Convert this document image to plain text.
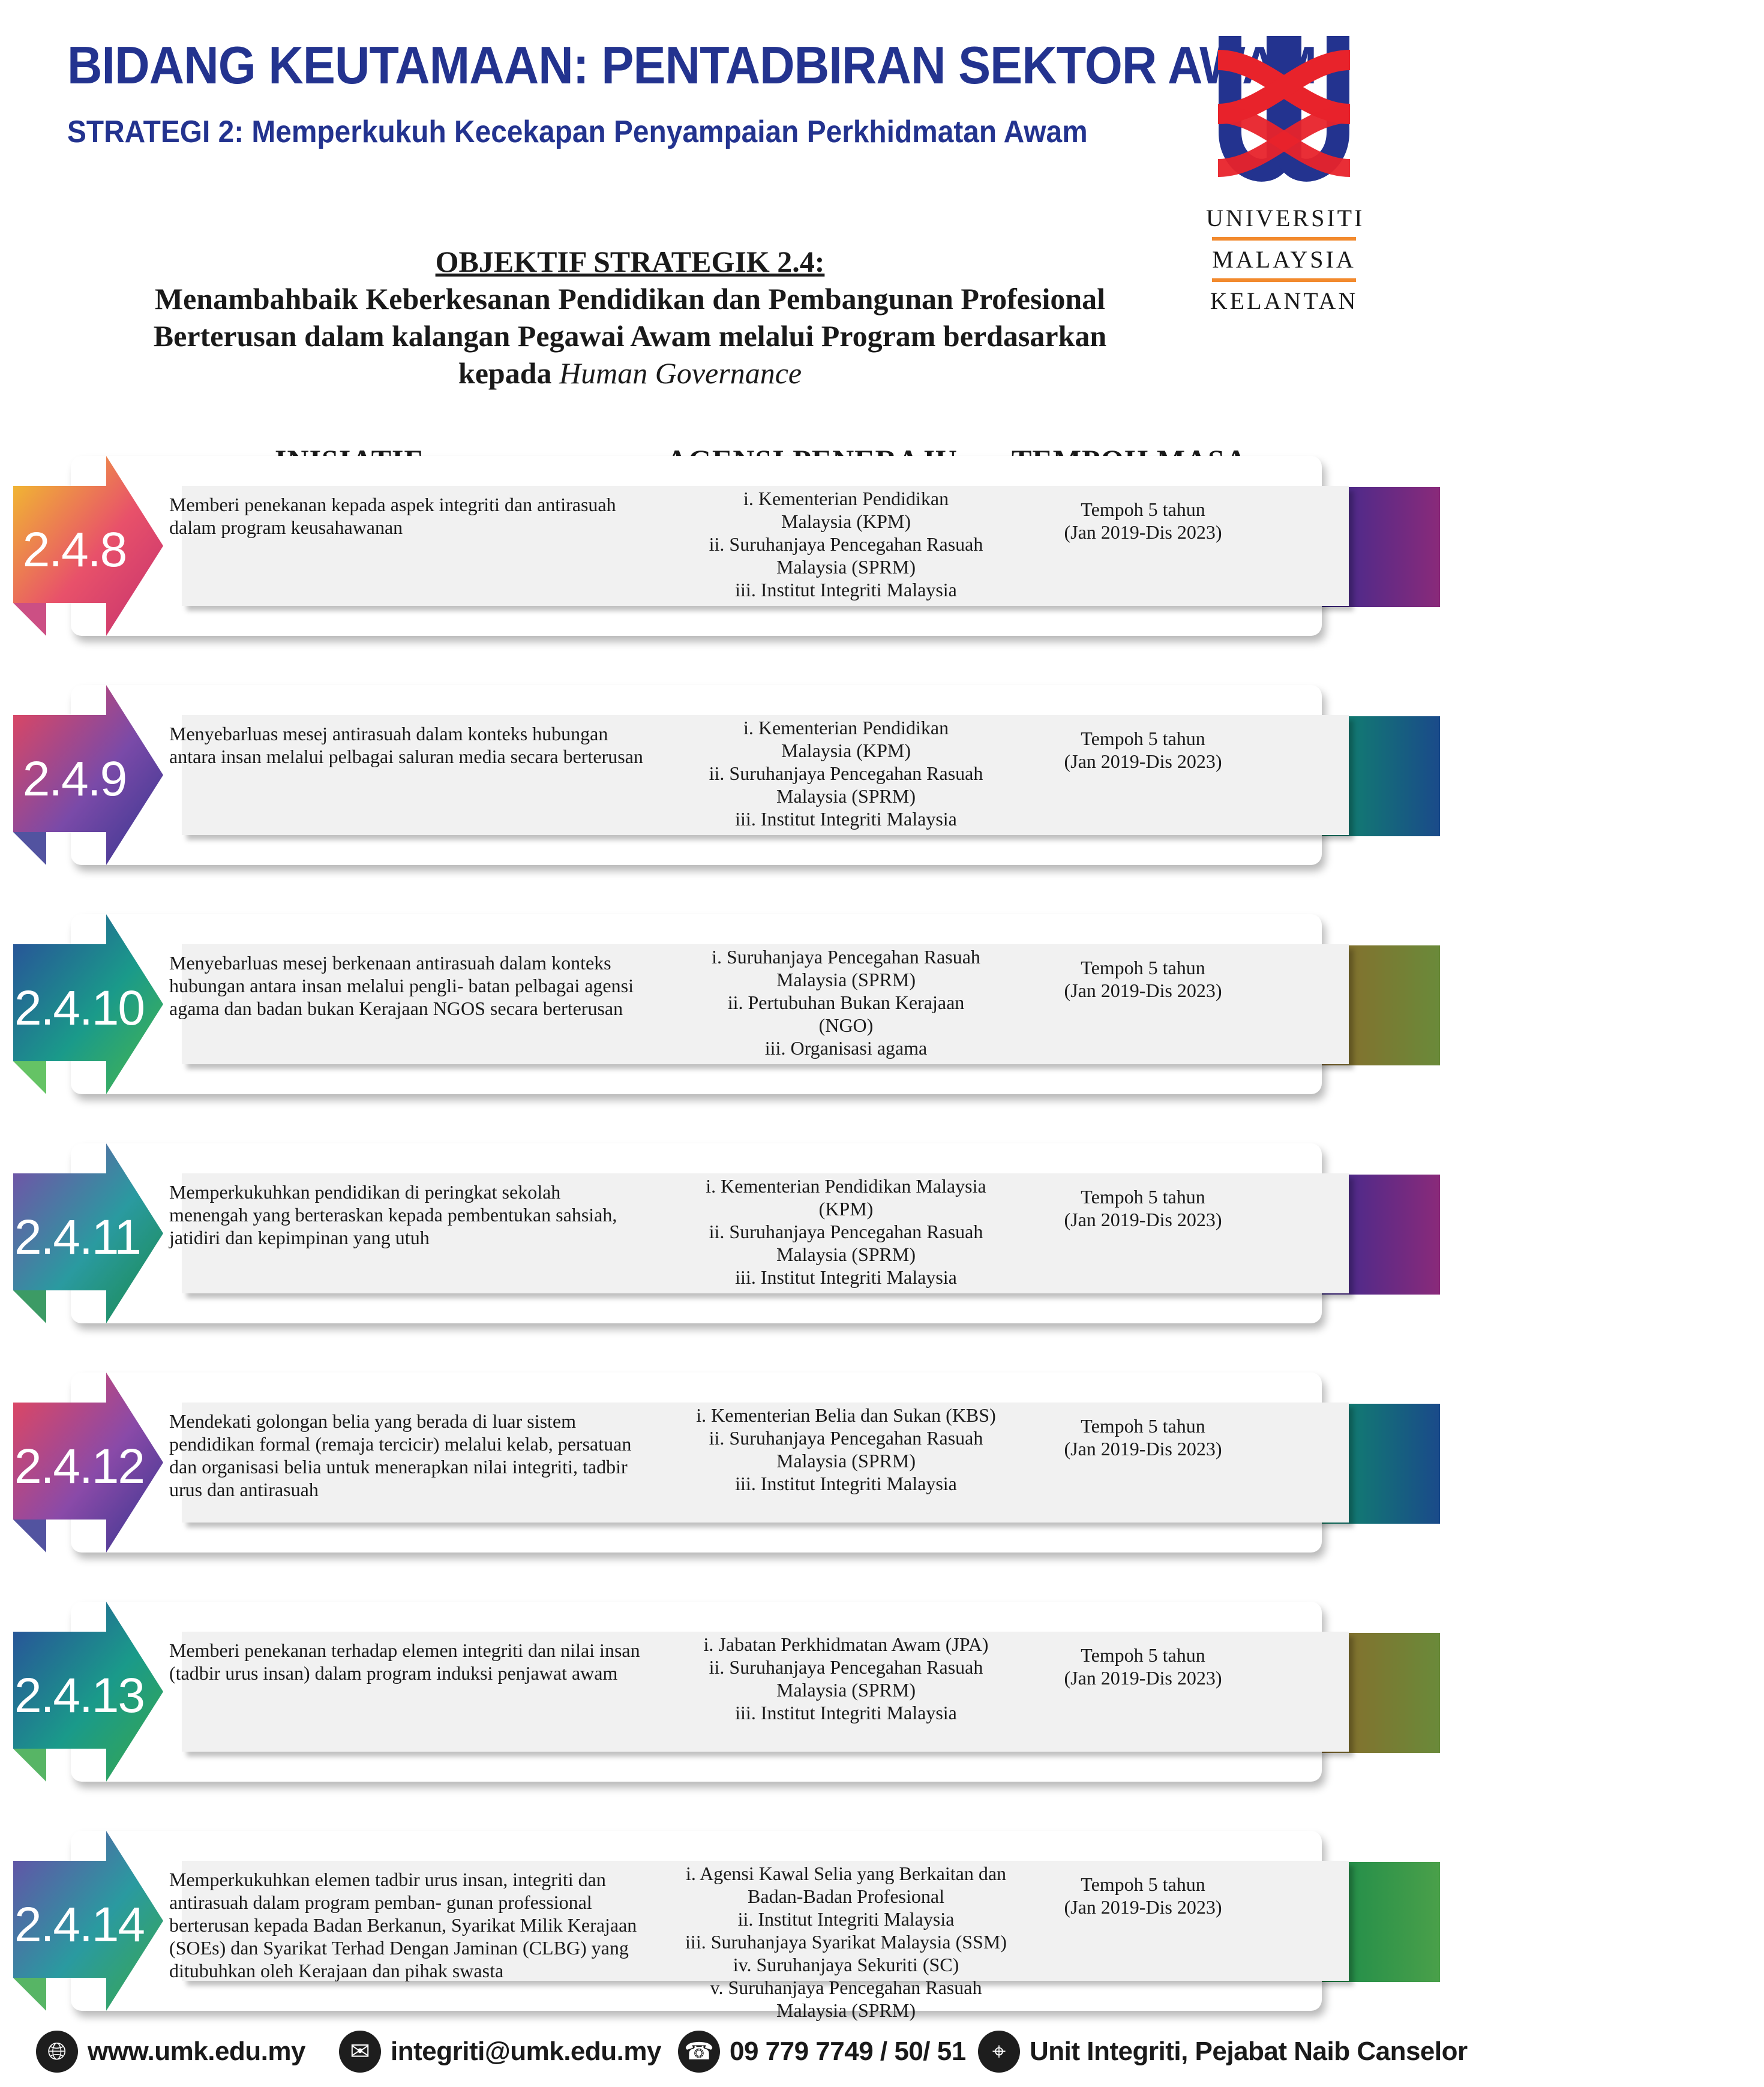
BIDANG KEUTAMAAN: PENTADBIRAN SEKTOR AWAM
STRATEGI 2: Memperkukuh Kecekapan Penyampaian Perkhidmatan Awam
UNIVERSITI
MALAYSIA
KELANTAN
OBJEKTIF STRATEGIK 2.4:
Menambahbaik Keberkesanan Pendidikan dan Pembangunan Profesional
Berterusan dalam kalangan Pegawai Awam melalui Program berdasarkan
kepada Human Governance
2.4.8
Memberi penekanan kepada aspek integriti dan antirasuah dalam program keusahawanan
i. Kementerian Pendidikan
Malaysia (KPM)
ii. Suruhanjaya Pencegahan Rasuah
Malaysia (SPRM)
iii. Institut Integriti Malaysia
Tempoh 5 tahun
(Jan 2019-Dis 2023)
2.4.9
Menyebarluas mesej antirasuah dalam konteks hubungan antara insan melalui pelbagai saluran media secara berterusan
i. Kementerian Pendidikan
Malaysia (KPM)
ii. Suruhanjaya Pencegahan Rasuah
Malaysia (SPRM)
iii. Institut Integriti Malaysia
Tempoh 5 tahun
(Jan 2019-Dis 2023)
2.4.10
Menyebarluas mesej berkenaan antirasuah dalam konteks hubungan antara insan melalui pengli- batan pelbagai agensi agama dan badan bukan Kerajaan NGOS secara berterusan
i. Suruhanjaya Pencegahan Rasuah
Malaysia (SPRM)
ii. Pertubuhan Bukan Kerajaan
(NGO)
iii. Organisasi agama
Tempoh 5 tahun
(Jan 2019-Dis 2023)
2.4.11
Memperkukuhkan pendidikan di peringkat sekolah menengah yang berteraskan kepada pembentukan sahsiah, jatidiri dan kepimpinan yang utuh
i. Kementerian Pendidikan Malaysia
(KPM)
ii. Suruhanjaya Pencegahan Rasuah
Malaysia (SPRM)
iii. Institut Integriti Malaysia
Tempoh 5 tahun
(Jan 2019-Dis 2023)
2.4.12
Mendekati golongan belia yang berada di luar sistem pendidikan formal (remaja tercicir) melalui kelab, persatuan dan organisasi belia untuk menerapkan nilai integriti, tadbir urus dan antirasuah
i. Kementerian Belia dan Sukan (KBS)
ii. Suruhanjaya Pencegahan Rasuah
Malaysia (SPRM)
iii. Institut Integriti Malaysia
Tempoh 5 tahun
(Jan 2019-Dis 2023)
2.4.13
Memberi penekanan terhadap elemen integriti dan nilai insan (tadbir urus insan) dalam program induksi penjawat awam
i. Jabatan Perkhidmatan Awam (JPA)
ii. Suruhanjaya Pencegahan Rasuah
Malaysia (SPRM)
iii. Institut Integriti Malaysia
Tempoh 5 tahun
(Jan 2019-Dis 2023)
2.4.14
Memperkukuhkan elemen tadbir urus insan, integriti dan antirasuah dalam program pemban- gunan professional berterusan kepada Badan Berkanun, Syarikat Milik Kerajaan (SOEs) dan Syarikat Terhad Dengan Jaminan (CLBG) yang ditubuhkan oleh Kerajaan dan pihak swasta
i. Agensi Kawal Selia yang Berkaitan dan
Badan-Badan Profesional
ii. Institut Integriti Malaysia
iii. Suruhanjaya Syarikat Malaysia (SSM)
iv. Suruhanjaya Sekuriti (SC)
v. Suruhanjaya Pencegahan Rasuah
Malaysia (SPRM)
Tempoh 5 tahun
(Jan 2019-Dis 2023)
🌐︎ www.umk.edu.my	✉ integriti@umk.edu.my ☎ 09 779 7749 / 50/ 51	⌖ Unit Integriti, Pejabat Naib Canselor
